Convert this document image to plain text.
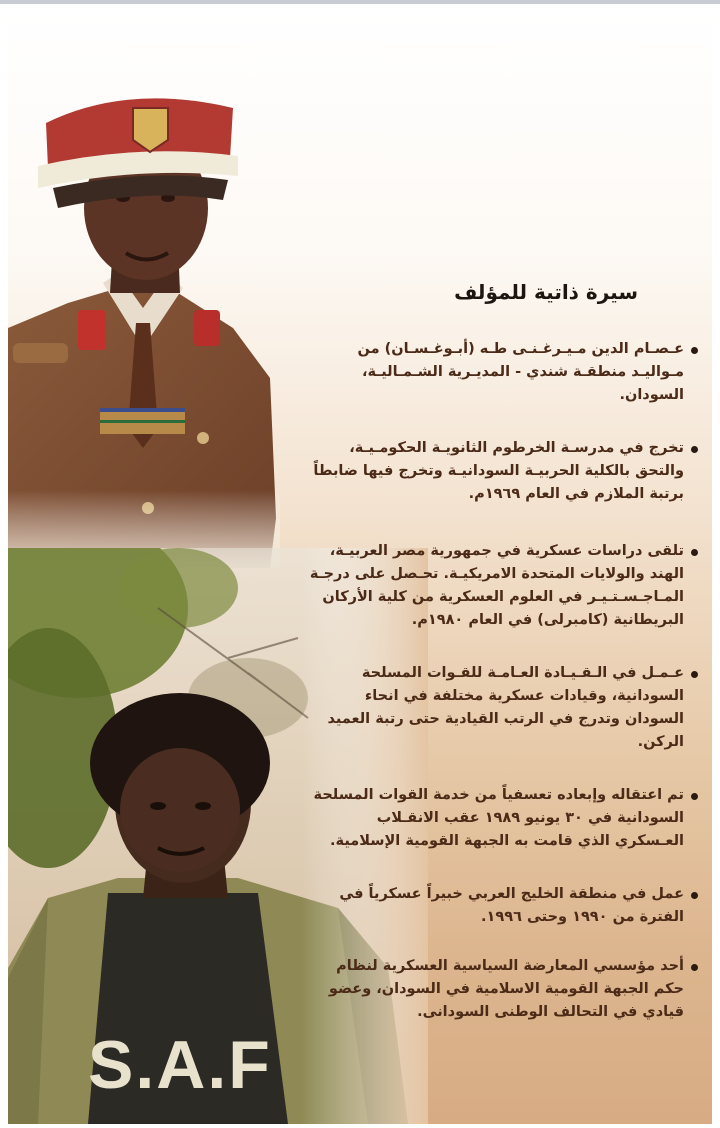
S.A.F
سيرة ذاتية للمؤلف
عـصـام الدين مـيـرغـنـى طـه (أبـوغـسـان) من مـواليـد منطقـة شندي - المديـرية الشـمـاليـة، السودان.
تخرج في مدرسـة الخرطوم الثانويـة الحكومـيـة، والتحق بالكلية الحربيـة السودانيـة وتخرج فيها ضابطاً برتبة الملازم في العام ١٩٦٩م.
تلقى دراسات عسكرية في جمهورية مصر العربيـة، الهند والولايات المتحدة الامريكيـة. تحـصل على درجـة المـاجـسـتـيـر في العلوم العسكرية من كلية الأركان البريطانية (كامبرلى) في العام ١٩٨٠م.
عـمـل في الـقـيـادة العـامـة للقـوات المسلحة السودانية، وقيادات عسكرية مختلفة في انحاء السودان وتدرج في الرتب القيادية حتى رتبة العميد الركن.
تم اعتقاله وإبعاده تعسفياً من خدمة القوات المسلحة السودانية في ٣٠ يونيو ١٩٨٩ عقب الانقـلاب العـسكري الذي قامت به الجبهة القومية الإسلامية.
عمل في منطقة الخليج العربي خبيراً عسكرياً في الفترة من ١٩٩٠ وحتى ١٩٩٦.
أحد مؤسسي المعارضة السياسية العسكرية لنظام حكم الجبهة القومية الاسلامية في السودان، وعضو قيادي في التحالف الوطنى السودانى.
